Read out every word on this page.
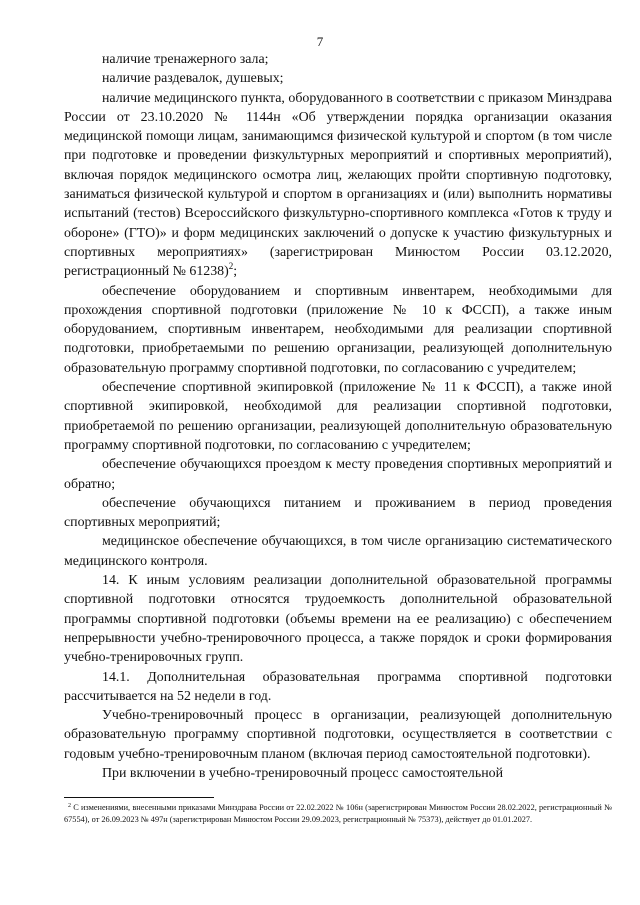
7

наличие тренажерного зала;

наличие раздевалок, душевых;

наличие медицинского пункта, оборудованного в соответствии с приказом Минздрава России от 23.10.2020 № 1144н «Об утверждении порядка организации оказания медицинской помощи лицам, занимающимся физической культурой и спортом (в том числе при подготовке и проведении физкультурных мероприятий и спортивных мероприятий), включая порядок медицинского осмотра лиц, желающих пройти спортивную подготовку, заниматься физической культурой и спортом в организациях и (или) выполнить нормативы испытаний (тестов) Всероссийского физкультурно-спортивного комплекса «Готов к труду и обороне» (ГТО)» и форм медицинских заключений о допуске к участию физкультурных и спортивных мероприятиях» (зарегистрирован Минюстом России 03.12.2020, регистрационный № 61238)$^2$;

обеспечение оборудованием и спортивным инвентарем, необходимыми для прохождения спортивной подготовки (приложение № 10 к ФССП), а также иным оборудованием, спортивным инвентарем, необходимыми для реализации спортивной подготовки, приобретаемыми по решению организации, реализующей дополнительную образовательную программу спортивной подготовки, по согласованию с учредителем;

обеспечение спортивной экипировкой (приложение № 11 к ФССП), а также иной спортивной экипировкой, необходимой для реализации спортивной подготовки, приобретаемой по решению организации, реализующей дополнительную образовательную программу спортивной подготовки, по согласованию с учредителем;

обеспечение обучающихся проездом к месту проведения спортивных мероприятий и обратно;

обеспечение обучающихся питанием и проживанием в период проведения спортивных мероприятий;

медицинское обеспечение обучающихся, в том числе организацию систематического медицинского контроля.

14. К иным условиям реализации дополнительной образовательной программы спортивной подготовки относятся трудоемкость дополнительной образовательной программы спортивной подготовки (объемы времени на ее реализацию) с обеспечением непрерывности учебно-тренировочного процесса, а также порядок и сроки формирования учебно-тренировочных групп.

14.1. Дополнительная образовательная программа спортивной подготовки рассчитывается на 52 недели в год.

Учебно-тренировочный процесс в организации, реализующей дополнительную образовательную программу спортивной подготовки, осуществляется в соответствии с годовым учебно-тренировочным планом (включая период самостоятельной подготовки).

При включении в учебно-тренировочный процесс самостоятельной

$^2$ С изменениями, внесенными приказами Минздрава России от 22.02.2022 № 106н (зарегистрирован Минюстом России 28.02.2022, регистрационный № 67554), от 26.09.2023 № 497н (зарегистрирован Минюстом России 29.09.2023, регистрационный № 75373), действует до 01.01.2027.
